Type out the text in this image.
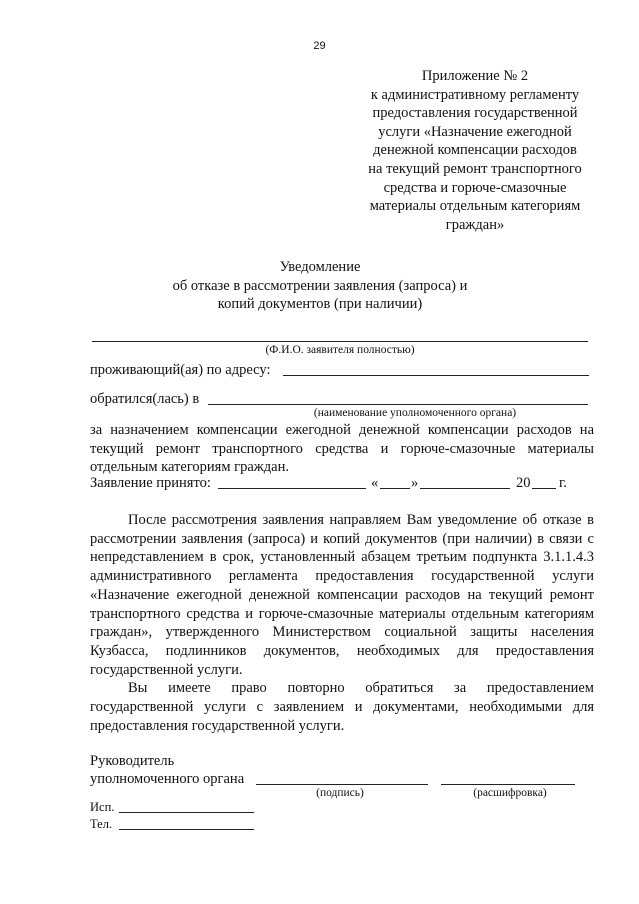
29
Приложение № 2
к административному регламенту
предоставления государственной
услуги «Назначение ежегодной
денежной компенсации расходов
на текущий ремонт транспортного
средства и горюче-смазочные
материалы отдельным категориям
граждан»
Уведомление
об отказе в рассмотрении заявления (запроса) и
копий документов (при наличии)
(Ф.И.О. заявителя полностью)
проживающий(ая) по адресу:
обратился(лась) в
(наименование уполномоченного органа)

за назначением компенсации ежегодной денежной компенсации расходов на текущий ремонт транспортного средства и горюче-смазочные материалы отдельным категориям граждан.

Заявление принято:	« »	20 г.

После рассмотрения заявления направляем Вам уведомление об отказе в рассмотрении заявления (запроса) и копий документов (при наличии) в связи с непредставлением в срок, установленный абзацем третьим подпункта 3.1.1.4.3 административного регламента предоставления государственной услуги «Назначение ежегодной денежной компенсации расходов на текущий ремонт транспортного средства и горюче-смазочные материалы отдельным категориям граждан», утвержденного Министерством социальной защиты населения Кузбасса, подлинников документов, необходимых для предоставления государственной услуги.

Вы имеете право повторно обратиться за предоставлением государственной услуги с заявлением и документами, необходимыми для предоставления государственной услуги.

Руководитель
уполномоченного органа
(подпись)	(расшифровка)
Исп.
Тел.
